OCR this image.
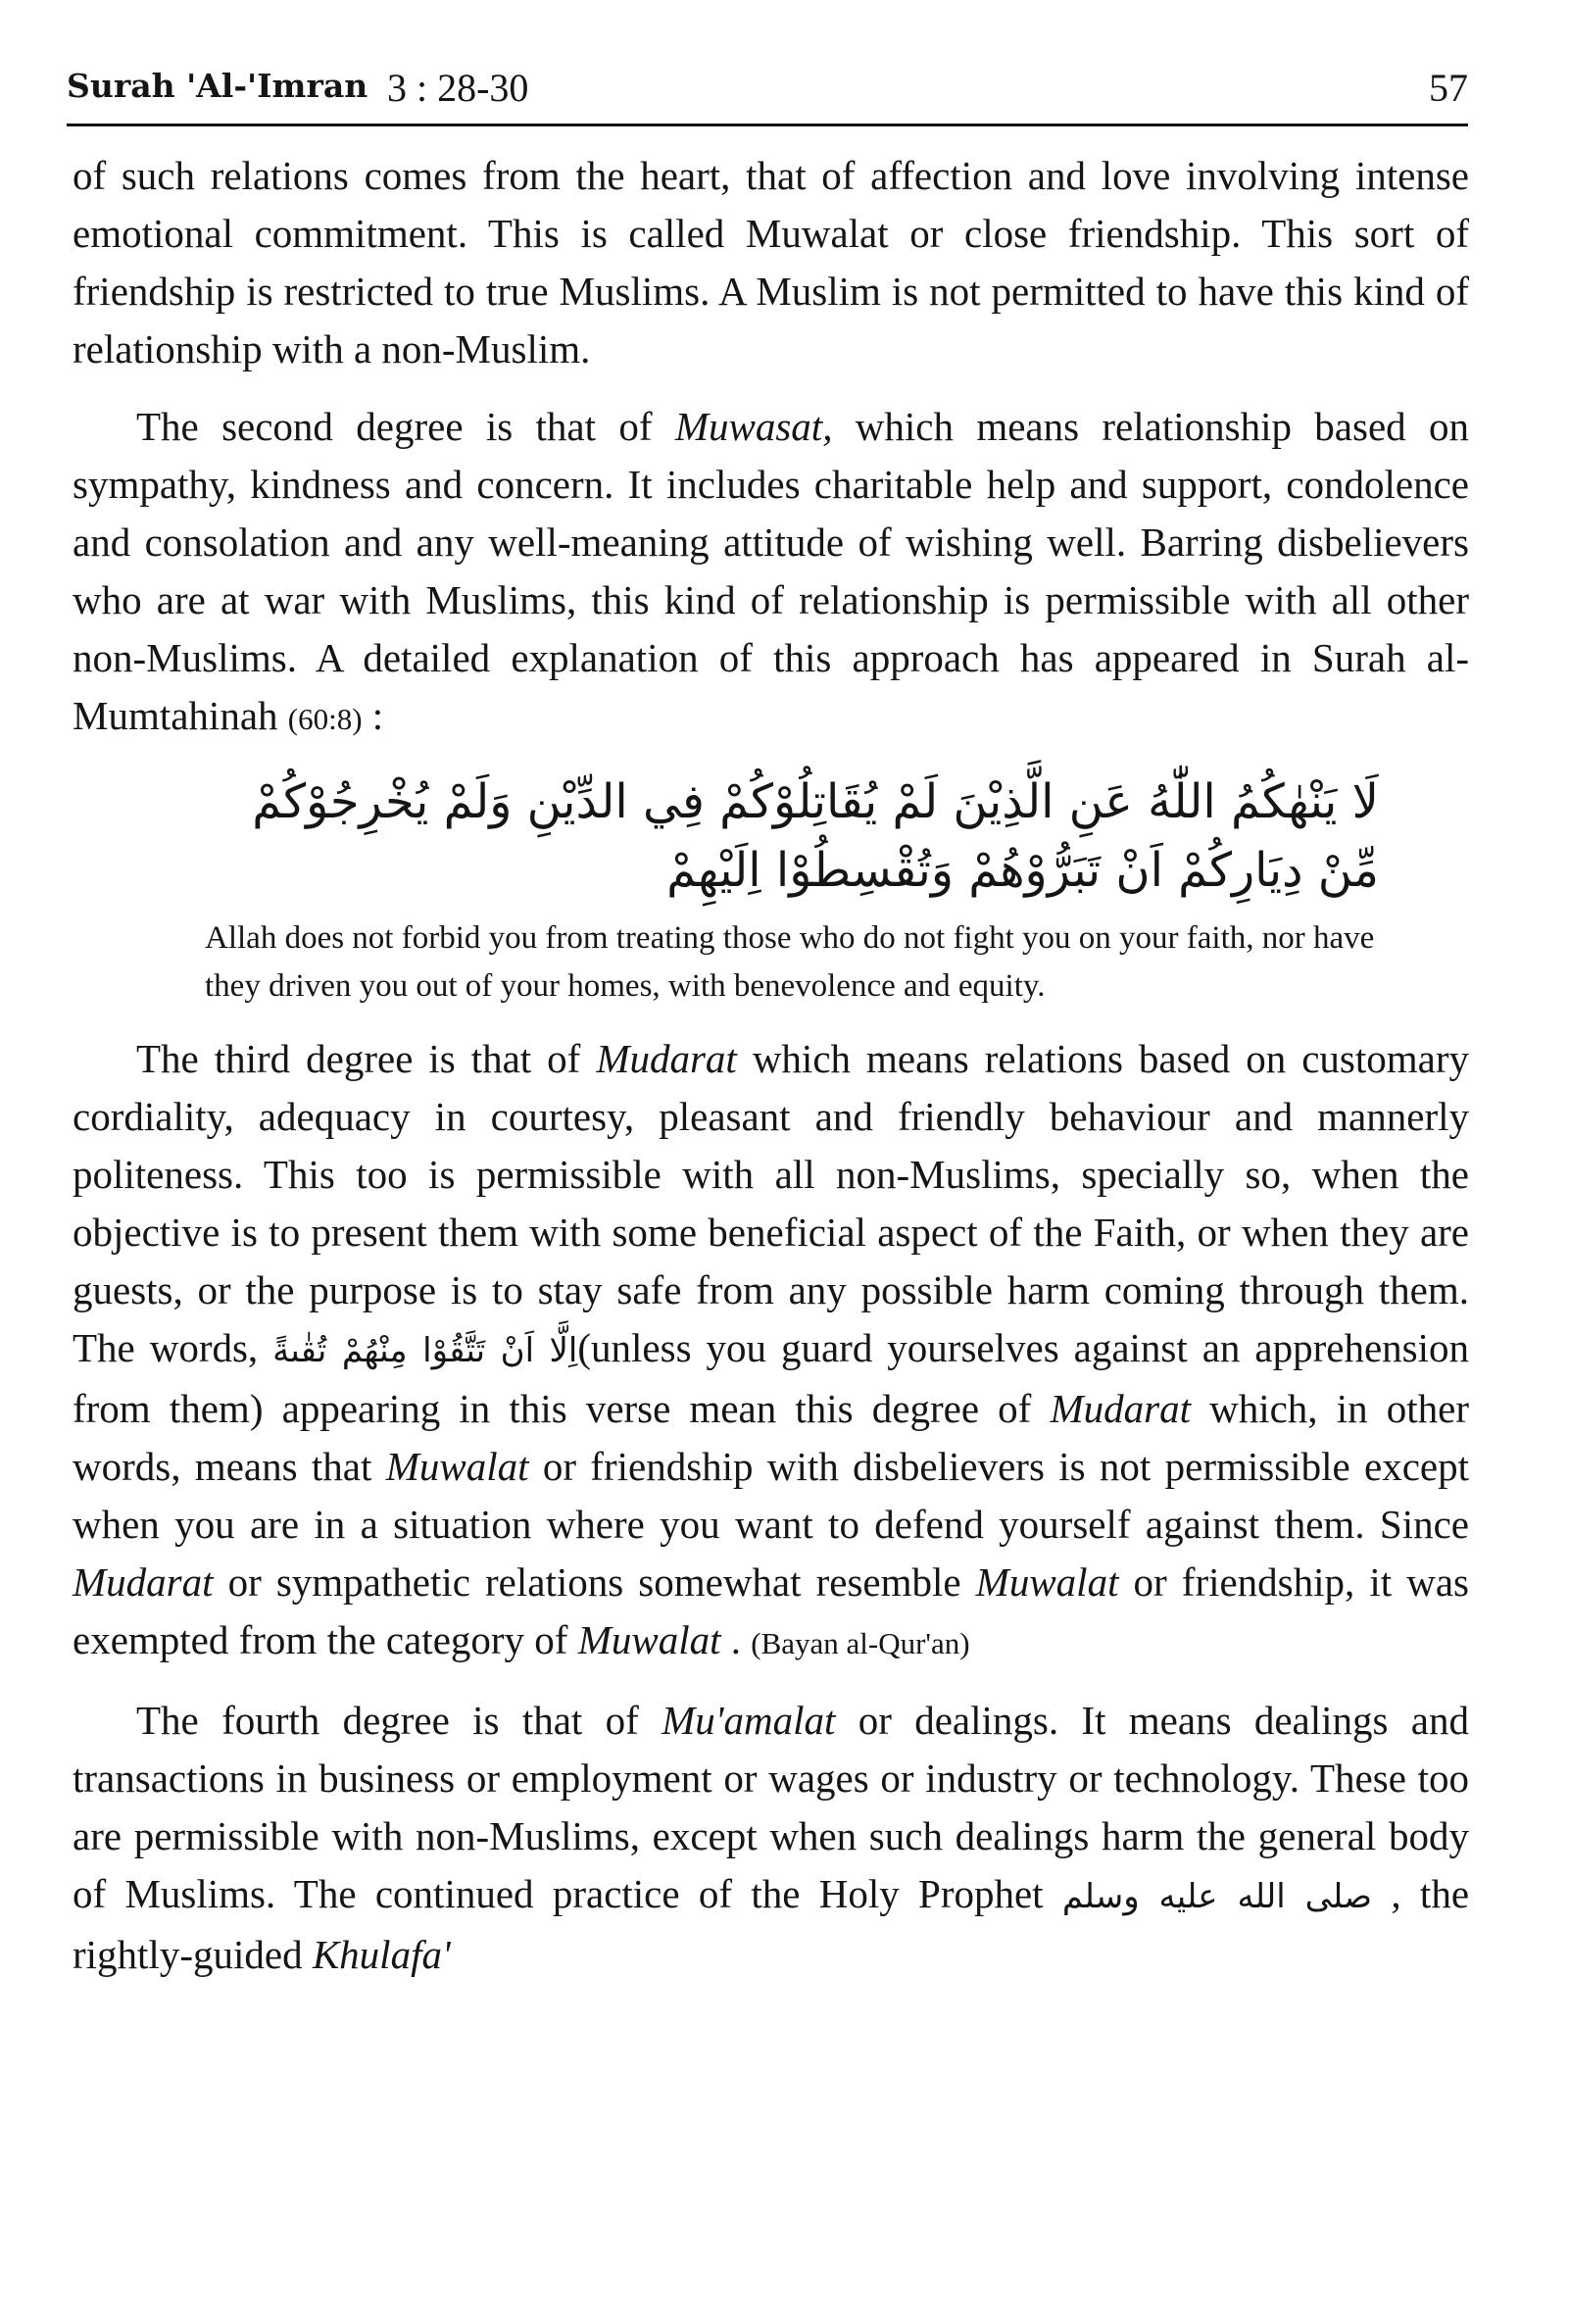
Surah 'Al-'Imran 3 : 28-30	57

of such relations comes from the heart, that of affection and love involving intense emotional commitment. This is called Muwalat or close friendship. This sort of friendship is restricted to true Muslims. A Muslim is not permitted to have this kind of relationship with a non-Muslim.

The second degree is that of Muwasat, which means relationship based on sympathy, kindness and concern. It includes charitable help and support, condolence and consolation and any well-meaning attitude of wishing well. Barring disbelievers who are at war with Muslims, this kind of relationship is permissible with all other non-Muslims. A detailed explanation of this approach has appeared in Surah al-Mumtahinah (60:8) :

لَا يَنْهٰكُمُ اللّٰهُ عَنِ الَّذِيْنَ لَمْ يُقَاتِلُوْكُمْ فِي الدِّيْنِ وَلَمْ يُخْرِجُوْكُمْ مِّنْ دِيَارِكُمْ اَنْ تَبَرُّوْهُمْ وَتُقْسِطُوْا اِلَيْهِمْ
Allah does not forbid you from treating those who do not fight you on your faith, nor have they driven you out of your homes, with benevolence and equity.

The third degree is that of Mudarat which means relations based on customary cordiality, adequacy in courtesy, pleasant and friendly behaviour and mannerly politeness. This too is permissible with all non-Muslims, specially so, when the objective is to present them with some beneficial aspect of the Faith, or when they are guests, or the purpose is to stay safe from any possible harm coming through them. The words, اِلَّا اَنْ تَتَّقُوْا مِنْهُمْ تُقٰىةً(unless you guard yourselves against an apprehension from them) appearing in this verse mean this degree of Mudarat which, in other words, means that Muwalat or friendship with disbelievers is not permissible except when you are in a situation where you want to defend yourself against them. Since Mudarat or sympathetic relations somewhat resemble Muwalat or friendship, it was exempted from the category of Muwalat . (Bayan al-Qur'an)

The fourth degree is that of Mu'amalat or dealings. It means dealings and transactions in business or employment or wages or industry or technology. These too are permissible with non-Muslims, except when such dealings harm the general body of Muslims. The continued practice of the Holy Prophet صلى الله عليه وسلم , the rightly-guided Khulafa'
